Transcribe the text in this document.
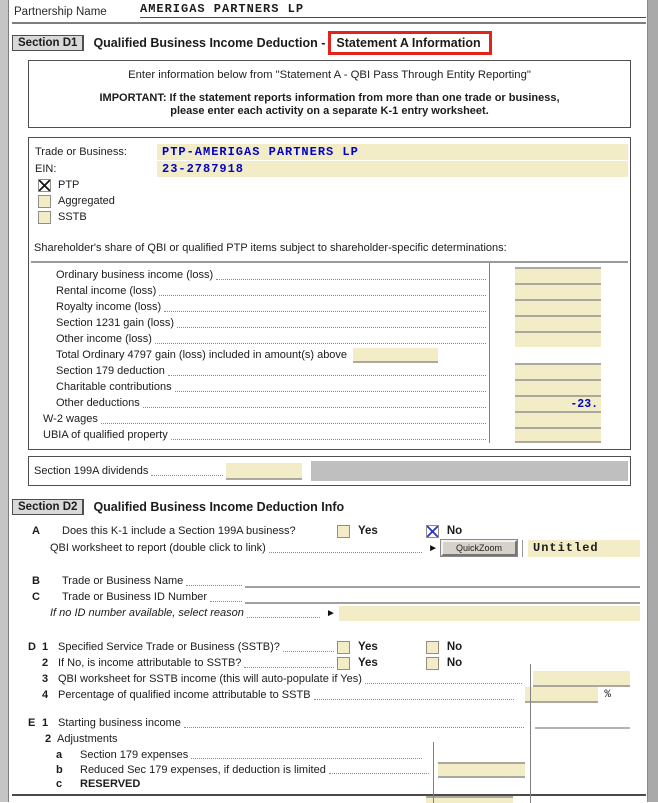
Partnership Name	AMERIGAS PARTNERS LP
Section D1	Qualified Business Income Deduction - Statement A Information
Enter information below from "Statement A - QBI Pass Through Entity Reporting"
IMPORTANT: If the statement reports information from more than one trade or business,
please enter each activity on a separate K-1 entry worksheet.
Trade or Business:	PTP-AMERIGAS PARTNERS LP
EIN:	23-2787918
PTP
Aggregated
SSTB
Shareholder's share of QBI or qualified PTP items subject to shareholder-specific determinations:
Ordinary business income (loss)
Rental income (loss)
Royalty income (loss)
Section 1231 gain (loss)
Other income (loss)
Total Ordinary 4797 gain (loss) included in amount(s) above
Section 179 deduction
Charitable contributions
Other deductions	-23.
W-2 wages
UBIA of qualified property
Section 199A dividends
Section D2	Qualified Business Income Deduction Info
A	Does this K-1 include a Section 199A business?	Yes	No
QBI worksheet to report (double click to link)	►	QuickZoom	Untitled
B	Trade or Business Name
C	Trade or Business ID Number
If no ID number available, select reason	►
D 1 Specified Service Trade or Business (SSTB)?	Yes	No
2 If No, is income attributable to SSTB?	Yes	No
3 QBI worksheet for SSTB income (this will auto-populate if Yes)
4 Percentage of qualified income attributable to SSTB	%
E 1 Starting business income
2 Adjustments
a	Section 179 expenses
b	Reduced Sec 179 expenses, if deduction is limited
c	RESERVED
